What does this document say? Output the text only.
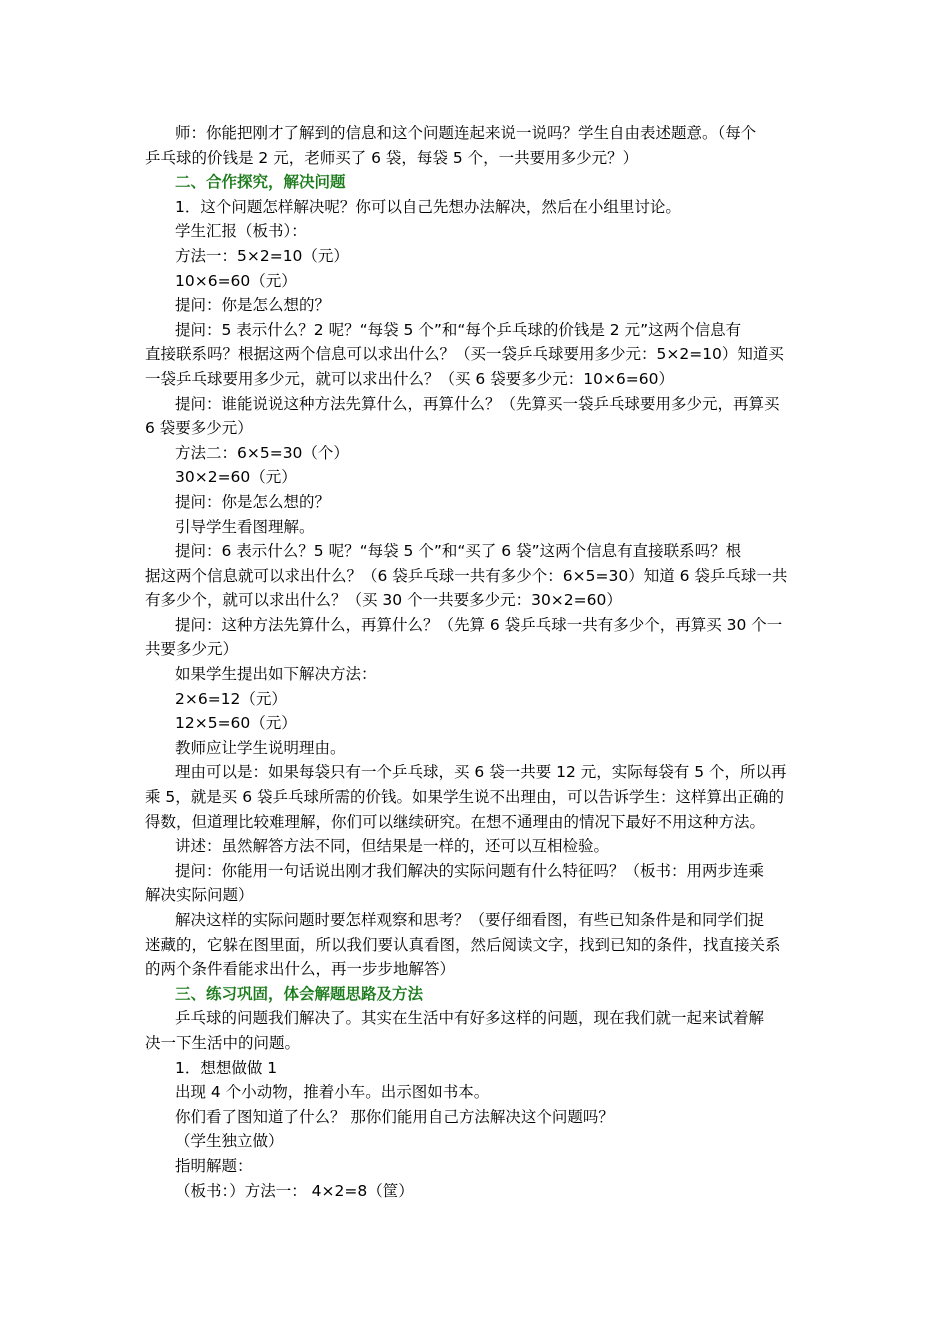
师：你能把刚才了解到的信息和这个问题连起来说一说吗？学生自由表述题意。（每个
乒乓球的价钱是 2 元，老师买了 6 袋，每袋 5 个，一共要用多少元？）
二、合作探究，解决问题
1．这个问题怎样解决呢？你可以自己先想办法解决，然后在小组里讨论。
学生汇报（板书）：
方法一：5×2=10（元）
10×6=60（元）
提问：你是怎么想的？
提问：5 表示什么？2 呢？“每袋 5 个”和“每个乒乓球的价钱是 2 元”这两个信息有
直接联系吗？根据这两个信息可以求出什么？（买一袋乒乓球要用多少元：5×2=10）知道买
一袋乒乓球要用多少元，就可以求出什么？（买 6 袋要多少元：10×6=60）
提问：谁能说说这种方法先算什么，再算什么？（先算买一袋乒乓球要用多少元，再算买
6 袋要多少元）
方法二：6×5=30（个）
30×2=60（元）
提问：你是怎么想的？
引导学生看图理解。
提问：6 表示什么？5 呢？“每袋 5 个”和“买了 6 袋”这两个信息有直接联系吗？根
据这两个信息就可以求出什么？（6 袋乒乓球一共有多少个：6×5=30）知道 6 袋乒乓球一共
有多少个，就可以求出什么？（买 30 个一共要多少元：30×2=60）
提问：这种方法先算什么，再算什么？（先算 6 袋乒乓球一共有多少个，再算买 30 个一
共要多少元）
如果学生提出如下解决方法：
2×6=12（元）
12×5=60（元）
教师应让学生说明理由。
理由可以是：如果每袋只有一个乒乓球，买 6 袋一共要 12 元，实际每袋有 5 个，所以再
乘 5，就是买 6 袋乒乓球所需的价钱。如果学生说不出理由，可以告诉学生：这样算出正确的
得数，但道理比较难理解，你们可以继续研究。在想不通理由的情况下最好不用这种方法。
讲述：虽然解答方法不同，但结果是一样的，还可以互相检验。
提问：你能用一句话说出刚才我们解决的实际问题有什么特征吗？（板书：用两步连乘
解决实际问题）
解决这样的实际问题时要怎样观察和思考？（要仔细看图，有些已知条件是和同学们捉
迷藏的，它躲在图里面，所以我们要认真看图，然后阅读文字，找到已知的条件，找直接关系
的两个条件看能求出什么，再一步步地解答）
三、练习巩固，体会解题思路及方法
乒乓球的问题我们解决了。其实在生活中有好多这样的问题，现在我们就一起来试着解
决一下生活中的问题。
1．想想做做 1
出现 4 个小动物，推着小车。出示图如书本。
你们看了图知道了什么？ 那你们能用自己方法解决这个问题吗？
（学生独立做）
指明解题：
（板书：）方法一： 4×2=8（筐）
